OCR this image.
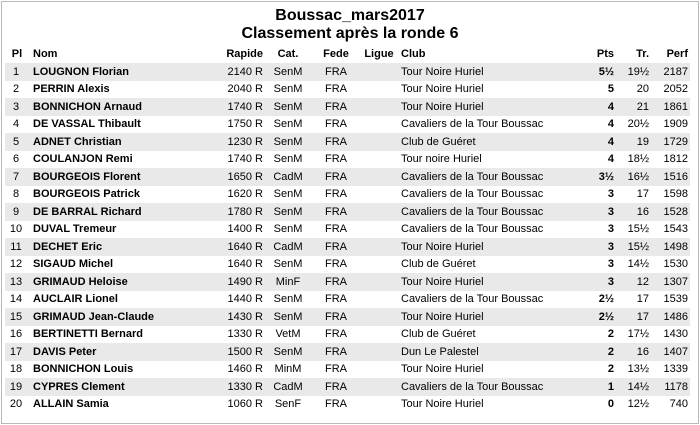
Boussac_mars2017
Classement après la ronde 6
Pl	Nom	Rapide	Cat.	Fede	Ligue	Club	Pts	Tr.	Perf
1	LOUGNON Florian	2140 R	SenM	FRA		Tour Noire Huriel	5½	19½	2187
2	PERRIN Alexis	2040 R	SenM	FRA		Tour Noire Huriel	5	20	2052
3	BONNICHON Arnaud	1740 R	SenM	FRA		Tour Noire Huriel	4	21	1861
4	DE VASSAL Thibault	1750 R	SenM	FRA		Cavaliers de la Tour Boussac	4	20½	1909
5	ADNET Christian	1230 R	SenM	FRA		Club de Guéret	4	19	1729
6	COULANJON Remi	1740 R	SenM	FRA		Tour noire Huriel	4	18½	1812
7	BOURGEOIS Florent	1650 R	CadM	FRA		Cavaliers de la Tour Boussac	3½	16½	1516
8	BOURGEOIS Patrick	1620 R	SenM	FRA		Cavaliers de la Tour Boussac	3	17	1598
9	DE BARRAL Richard	1780 R	SenM	FRA		Cavaliers de la Tour Boussac	3	16	1528
10	DUVAL Tremeur	1400 R	SenM	FRA		Cavaliers de la Tour Boussac	3	15½	1543
11	DECHET Eric	1640 R	CadM	FRA		Tour Noire Huriel	3	15½	1498
12	SIGAUD Michel	1640 R	SenM	FRA		Club de Guéret	3	14½	1530
13	GRIMAUD Heloise	1490 R	MinF	FRA		Tour Noire Huriel	3	12	1307
14	AUCLAIR Lionel	1440 R	SenM	FRA		Cavaliers de la Tour Boussac	2½	17	1539
15	GRIMAUD Jean-Claude	1430 R	SenM	FRA		Tour Noire Huriel	2½	17	1486
16	BERTINETTI Bernard	1330 R	VetM	FRA		Club de Guéret	2	17½	1430
17	DAVIS Peter	1500 R	SenM	FRA		Dun Le Palestel	2	16	1407
18	BONNICHON Louis	1460 R	MinM	FRA		Tour Noire Huriel	2	13½	1339
19	CYPRES Clement	1330 R	CadM	FRA		Cavaliers de la Tour Boussac	1	14½	1178
20	ALLAIN Samia	1060 R	SenF	FRA		Tour Noire Huriel	0	12½	740
